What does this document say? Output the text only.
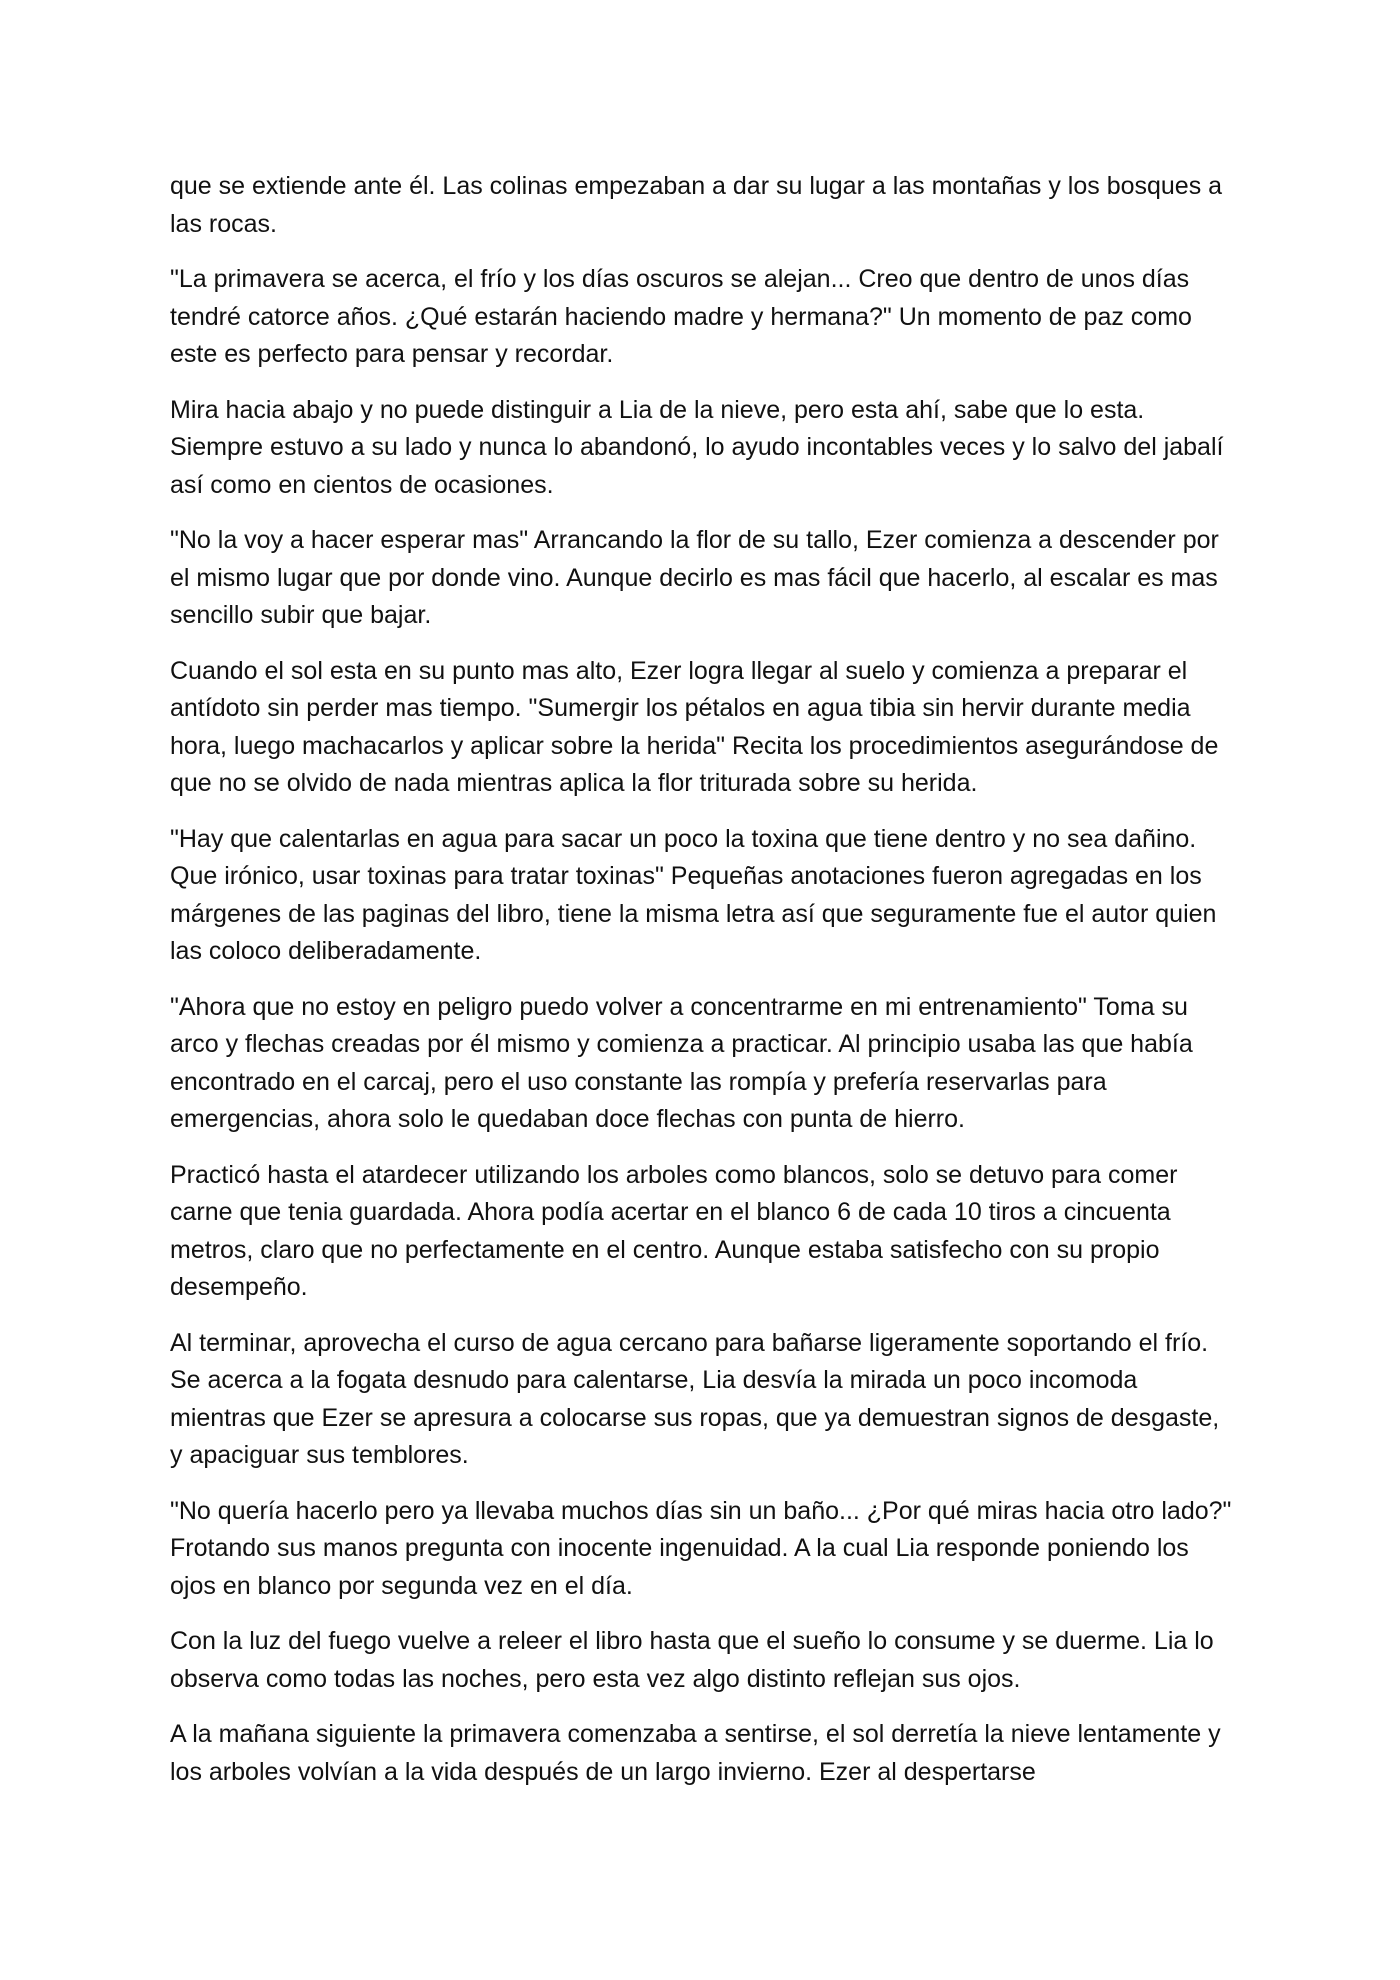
que se extiende ante él. Las colinas empezaban a dar su lugar a las montañas y los bosques a las rocas.

"La primavera se acerca, el frío y los días oscuros se alejan... Creo que dentro de unos días tendré catorce años. ¿Qué estarán haciendo madre y hermana?" Un momento de paz como este es perfecto para pensar y recordar.

Mira hacia abajo y no puede distinguir a Lia de la nieve, pero esta ahí, sabe que lo esta. Siempre estuvo a su lado y nunca lo abandonó, lo ayudo incontables veces y lo salvo del jabalí así como en cientos de ocasiones.

"No la voy a hacer esperar mas" Arrancando la flor de su tallo, Ezer comienza a descender por el mismo lugar que por donde vino. Aunque decirlo es mas fácil que hacerlo, al escalar es mas sencillo subir que bajar.

Cuando el sol esta en su punto mas alto, Ezer logra llegar al suelo y comienza a preparar el antídoto sin perder mas tiempo. "Sumergir los pétalos en agua tibia sin hervir durante media hora, luego machacarlos y aplicar sobre la herida" Recita los procedimientos asegurándose de que no se olvido de nada mientras aplica la flor triturada sobre su herida.

"Hay que calentarlas en agua para sacar un poco la toxina que tiene dentro y no sea dañino. Que irónico, usar toxinas para tratar toxinas" Pequeñas anotaciones fueron agregadas en los márgenes de las paginas del libro, tiene la misma letra así que seguramente fue el autor quien las coloco deliberadamente.

"Ahora que no estoy en peligro puedo volver a concentrarme en mi entrenamiento" Toma su arco y flechas creadas por él mismo y comienza a practicar. Al principio usaba las que había encontrado en el carcaj, pero el uso constante las rompía y prefería reservarlas para emergencias, ahora solo le quedaban doce flechas con punta de hierro.

Practicó hasta el atardecer utilizando los arboles como blancos, solo se detuvo para comer carne que tenia guardada. Ahora podía acertar en el blanco 6 de cada 10 tiros a cincuenta metros, claro que no perfectamente en el centro. Aunque estaba satisfecho con su propio desempeño.

Al terminar, aprovecha el curso de agua cercano para bañarse ligeramente soportando el frío. Se acerca a la fogata desnudo para calentarse, Lia desvía la mirada un poco incomoda mientras que Ezer se apresura a colocarse sus ropas, que ya demuestran signos de desgaste, y apaciguar sus temblores.

"No quería hacerlo pero ya llevaba muchos días sin un baño... ¿Por qué miras hacia otro lado?" Frotando sus manos pregunta con inocente ingenuidad. A la cual Lia responde poniendo los ojos en blanco por segunda vez en el día.

Con la luz del fuego vuelve a releer el libro hasta que el sueño lo consume y se duerme. Lia lo observa como todas las noches, pero esta vez algo distinto reflejan sus ojos.

A la mañana siguiente la primavera comenzaba a sentirse, el sol derretía la nieve lentamente y los arboles volvían a la vida después de un largo invierno. Ezer al despertarse
